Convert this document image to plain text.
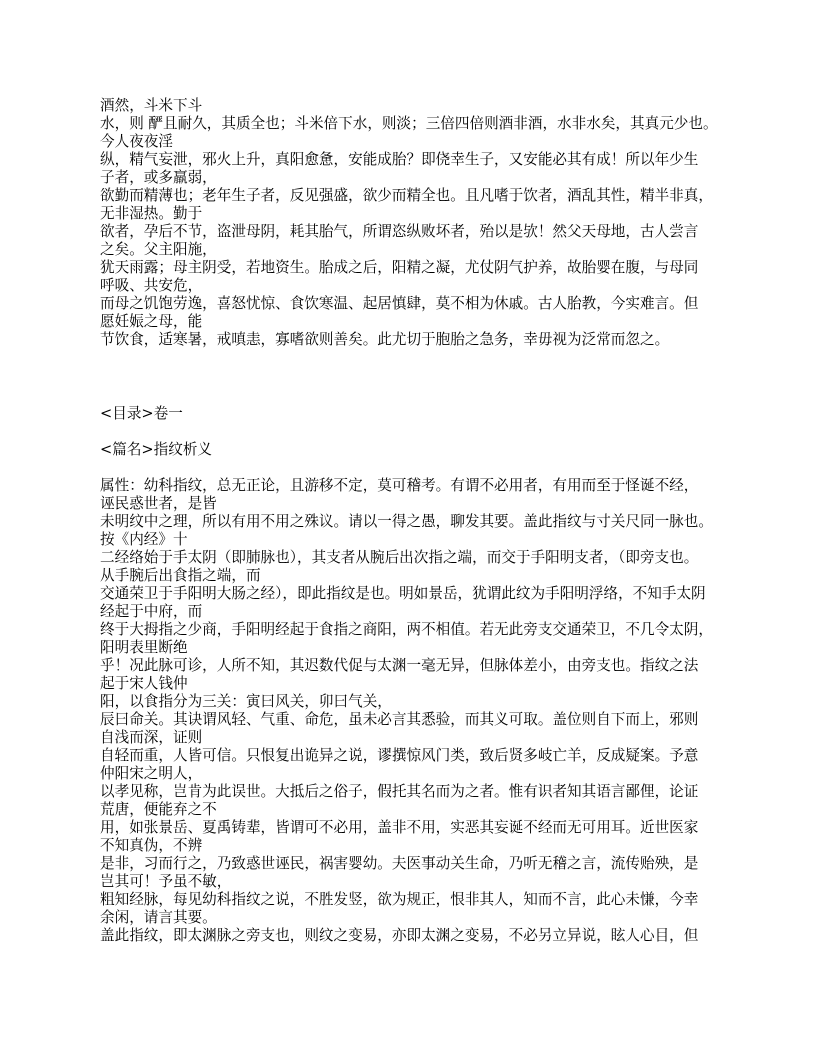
酒然，斗米下斗
水，则 酽且耐久，其质全也；斗米倍下水，则淡；三倍四倍则酒非酒，水非水矣，其真元少也。
今人夜夜淫
纵，精气妄泄，邪火上升，真阳愈惫，安能成胎？即侥幸生子，又安能必其有成！所以年少生
子者，或多羸弱，
欲勤而精薄也；老年生子者，反见强盛，欲少而精全也。且凡嗜于饮者，酒乱其性，精半非真，
无非湿热。勤于
欲者，孕后不节，盗泄母阴，耗其胎气，所谓恣纵败坏者，殆以是欤！然父天母地，古人尝言
之矣。父主阳施，
犹天雨露；母主阴受，若地资生。胎成之后，阳精之凝，尤仗阴气护养，故胎婴在腹，与母同
呼吸、共安危，
而母之饥饱劳逸，喜怒忧惊、食饮寒温、起居慎肆，莫不相为休戚。古人胎教，今实难言。但
愿妊娠之母，能
节饮食，适寒暑，戒嗔恚，寡嗜欲则善矣。此尤切于胞胎之急务，幸毋视为泛常而忽之。
<目录>卷一
<篇名>指纹析义
属性：幼科指纹，总无正论，且游移不定，莫可稽考。有谓不必用者，有用而至于怪诞不经，
诬民惑世者，是皆
未明纹中之理，所以有用不用之殊议。请以一得之愚，聊发其要。盖此指纹与寸关尺同一脉也。
按《内经》十
二经络始于手太阴（即肺脉也），其支者从腕后出次指之端，而交于手阳明支者，（即旁支也。
从手腕后出食指之端，而
交通荣卫于手阳明大肠之经），即此指纹是也。明如景岳，犹谓此纹为手阳明浮络，不知手太阴
经起于中府，而
终于大拇指之少商，手阳明经起于食指之商阳，两不相值。若无此旁支交通荣卫，不几令太阴，
阳明表里断绝
乎！况此脉可诊，人所不知，其迟数代促与太渊一毫无异，但脉体差小，由旁支也。指纹之法
起于宋人钱仲
阳，以食指分为三关：寅曰风关，卯曰气关，
辰曰命关。其诀谓风轻、气重、命危，虽未必言其悉验，而其义可取。盖位则自下而上，邪则
自浅而深，证则
自轻而重，人皆可信。只恨复出诡异之说，谬撰惊风门类，致后贤多岐亡羊，反成疑案。予意
仲阳宋之明人，
以孝见称，岂肯为此误世。大抵后之俗子，假托其名而为之者。惟有识者知其语言鄙俚，论证
荒唐，便能弃之不
用，如张景岳、夏禹铸辈，皆谓可不必用，盖非不用，实恶其妄诞不经而无可用耳。近世医家
不知真伪，不辨
是非，习而行之，乃致惑世诬民，祸害婴幼。夫医事动关生命，乃听无稽之言，流传贻殃，是
岂其可！予虽不敏，
粗知经脉，每见幼科指纹之说，不胜发竖，欲为规正，恨非其人，知而不言，此心未慊，今幸
余闲，请言其要。
盖此指纹，即太渊脉之旁支也，则纹之变易，亦即太渊之变易，不必另立异说，眩人心目，但
